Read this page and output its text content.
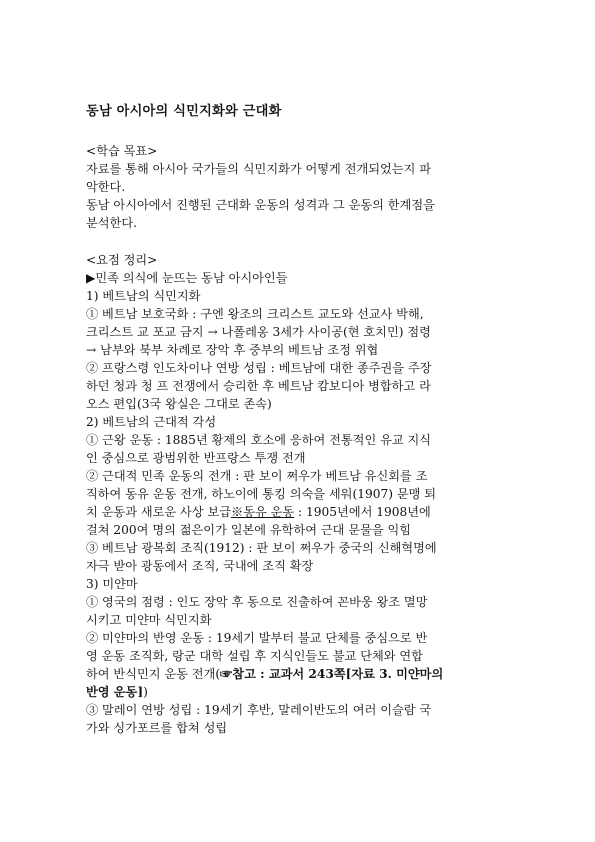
동남 아시아의 식민지화와 근대화
<학습 목표>
자료를 통해 아시아 국가들의 식민지화가 어떻게 전개되었는지 파
악한다.
동남 아시아에서 진행된 근대화 운동의 성격과 그 운동의 한계점을
분석한다.
<요점 정리>
▶민족 의식에 눈뜨는 동남 아시아인들
1) 베트남의 식민지화
① 베트남 보호국화 : 구엔 왕조의 크리스트 교도와 선교사 박해,
크리스트 교 포교 금지 → 나폴레옹 3세가 사이공(현 호치민) 점령
→ 남부와 북부 차례로 장악 후 중부의 베트남 조정 위협
② 프랑스령 인도차이나 연방 성립 : 베트남에 대한 종주권을 주장
하던 청과 청 프 전쟁에서 승리한 후 베트남 캄보디아 병합하고 라
오스 편입(3국 왕실은 그대로 존속)
2) 베트남의 근대적 각성
① 근왕 운동 : 1885년 황제의 호소에 응하여 전통적인 유교 지식
인 중심으로 광범위한 반프랑스 투쟁 전개
② 근대적 민족 운동의 전개 : 판 보이 쩌우가 베트남 유신회를 조
직하여 동유 운동 전개, 하노이에 통킹 의숙을 세워(1907) 문맹 퇴
치 운동과 새로운 사상 보급※동유 운동 : 1905년에서 1908년에
걸쳐 200여 명의 젊은이가 일본에 유학하여 근대 문물을 익힘
③ 베트남 광복회 조직(1912) : 판 보이 쩌우가 중국의 신해혁명에
자극 받아 광동에서 조직, 국내에 조직 확장
3) 미얀마
① 영국의 점령 : 인도 장악 후 동으로 진출하여 꼰바웅 왕조 멸망
시키고 미얀마 식민지화
② 미얀마의 반영 운동 : 19세기 발부터 불교 단체를 중심으로 반
영 운동 조직화, 랑군 대학 설립 후 지식인들도 불교 단체와 연합
하여 반식민지 운동 전개(☞참고 : 교과서 243쪽[자료 3. 미얀마의
반영 운동])
③ 말레이 연방 성립 : 19세기 후반, 말레이반도의 여러 이슬람 국
가와 싱가포르를 합쳐 성립
